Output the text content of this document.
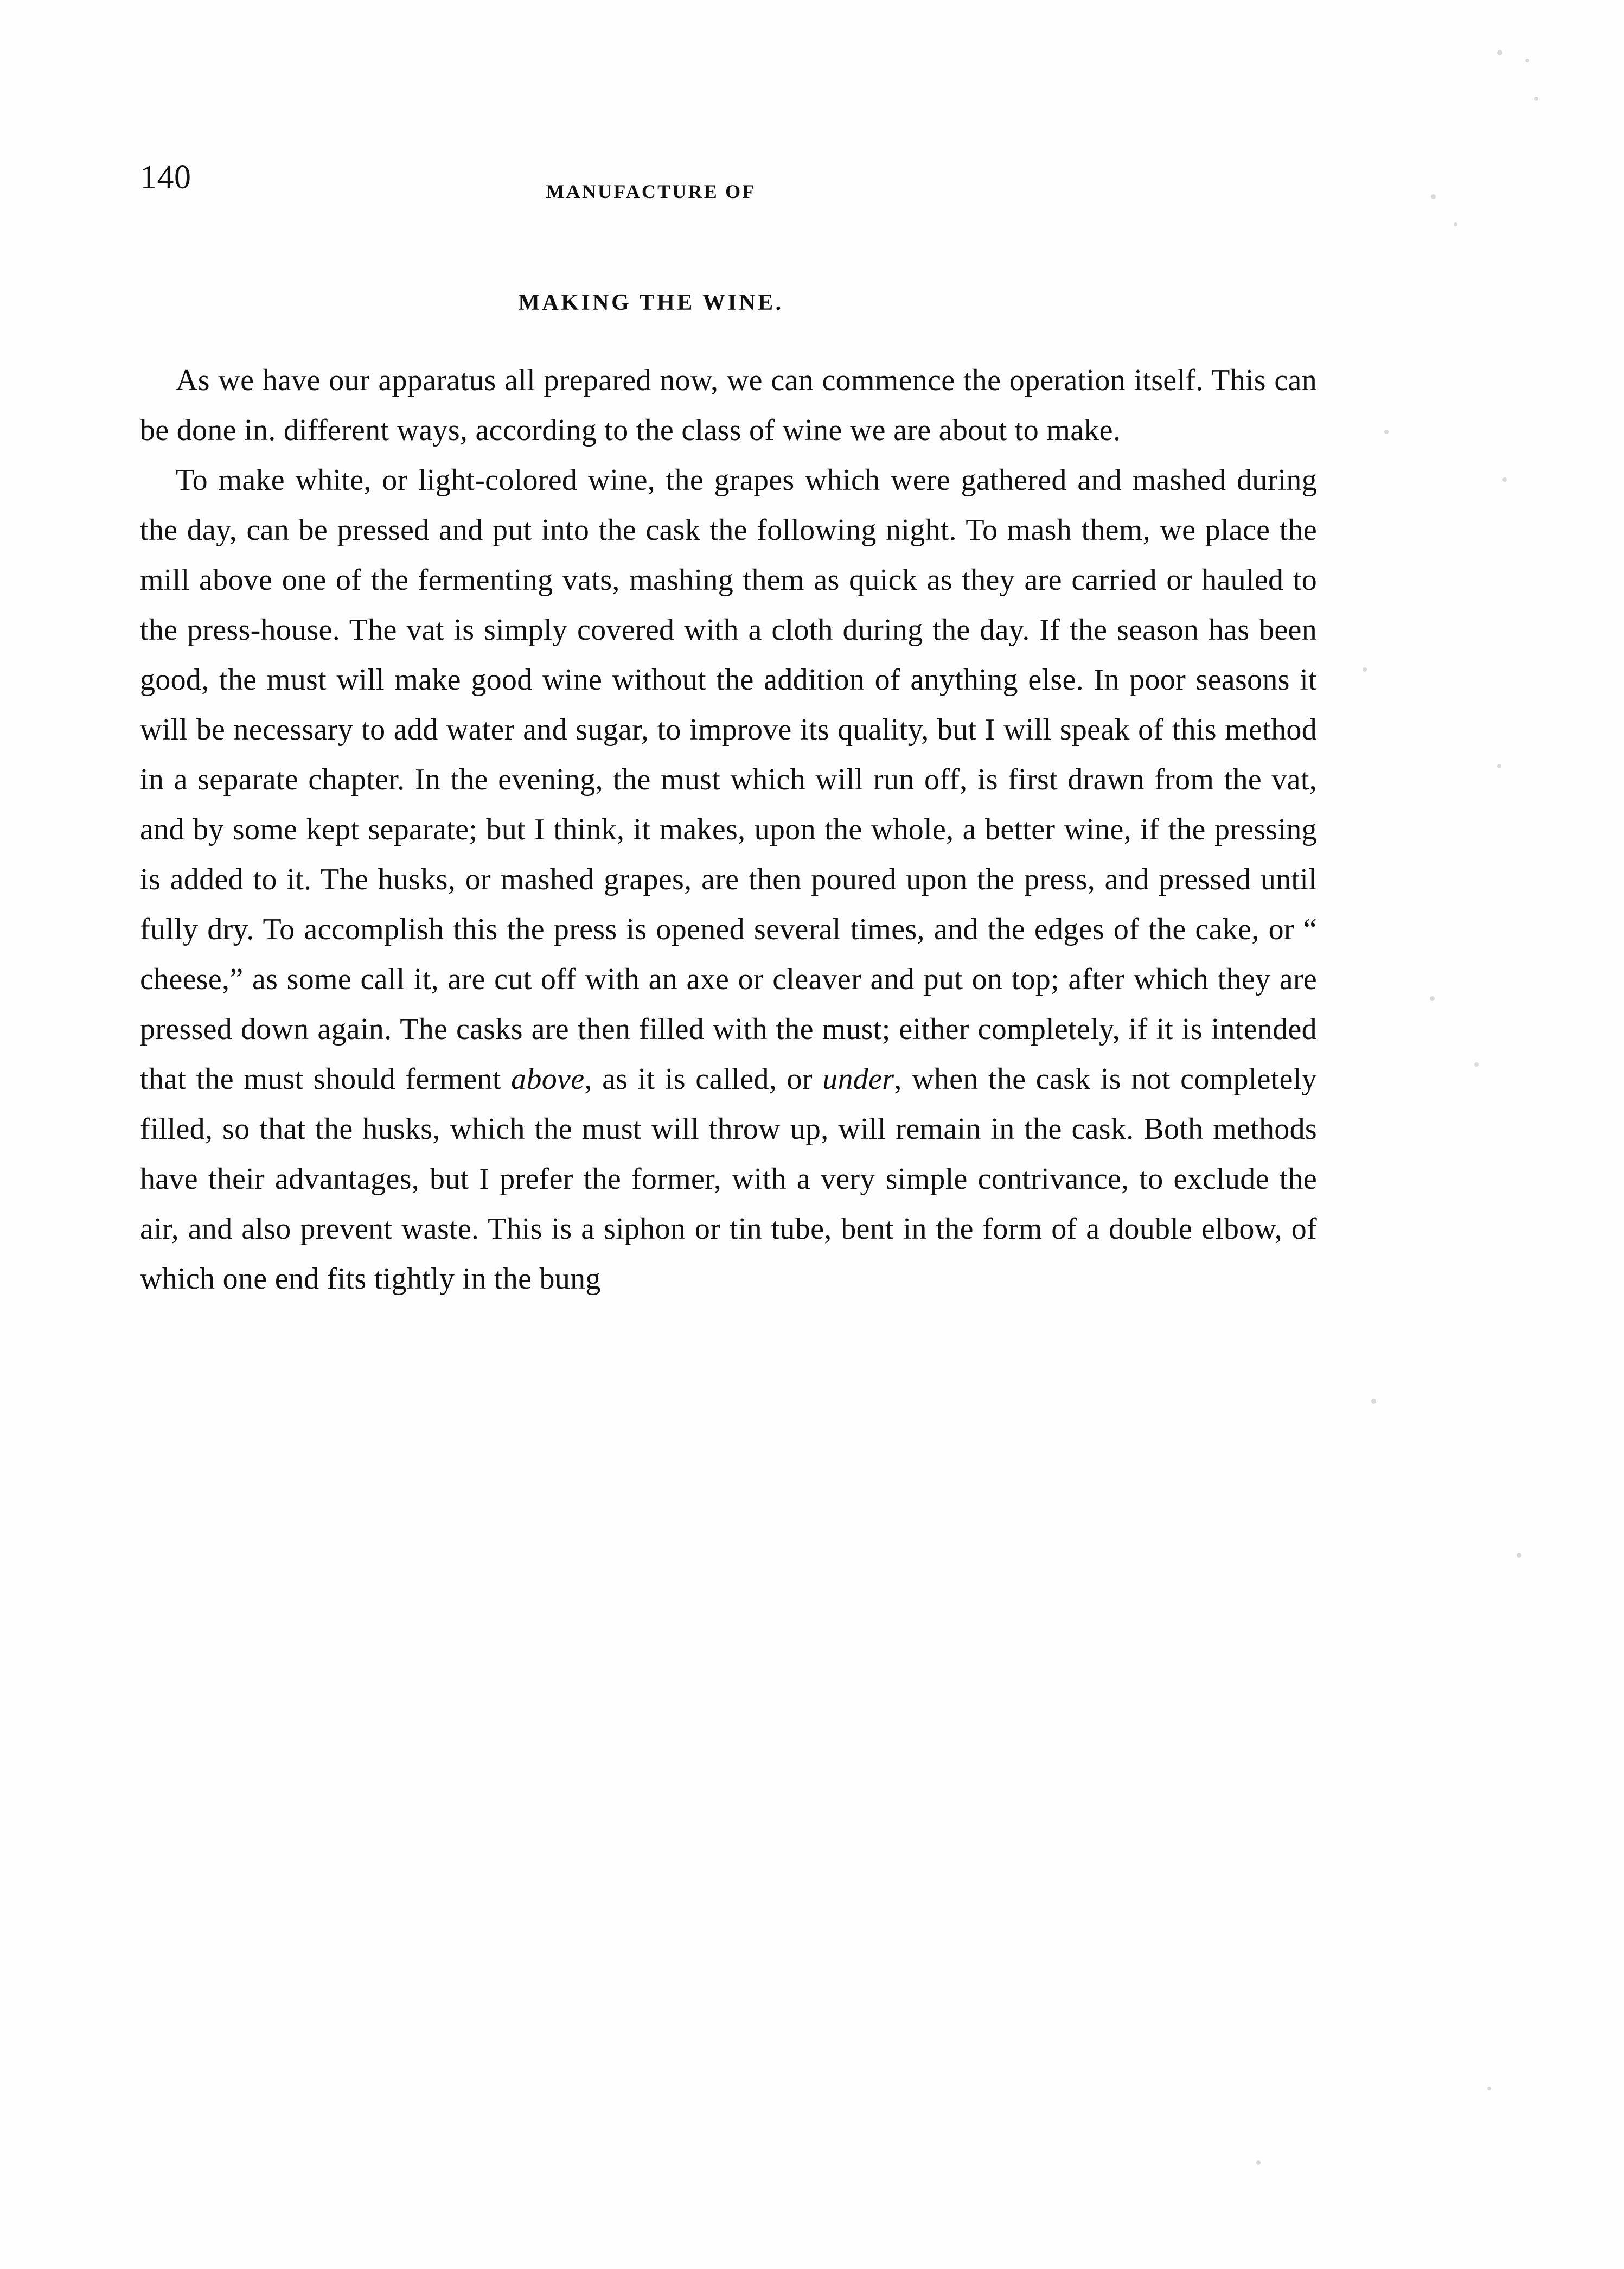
140	MANUFACTURE OF
MAKING THE WINE.

As we have our apparatus all prepared now, we can commence the operation itself. This can be done in. different ways, according to the class of wine we are about to make.

To make white, or light-colored wine, the grapes which were gathered and mashed during the day, can be pressed and put into the cask the following night. To mash them, we place the mill above one of the fermenting vats, mashing them as quick as they are carried or hauled to the press-house. The vat is simply covered with a cloth during the day. If the season has been good, the must will make good wine without the addition of anything else. In poor seasons it will be necessary to add water and sugar, to improve its quality, but I will speak of this method in a separate chapter. In the evening, the must which will run off, is first drawn from the vat, and by some kept separate; but I think, it makes, upon the whole, a better wine, if the pressing is added to it. The husks, or mashed grapes, are then poured upon the press, and pressed until fully dry. To accomplish this the press is opened several times, and the edges of the cake, or “ cheese,” as some call it, are cut off with an axe or cleaver and put on top; after which they are pressed down again. The casks are then filled with the must; either completely, if it is intended that the must should ferment above, as it is called, or under, when the cask is not completely filled, so that the husks, which the must will throw up, will remain in the cask. Both methods have their advantages, but I prefer the former, with a very simple contrivance, to exclude the air, and also prevent waste. This is a siphon or tin tube, bent in the form of a double elbow, of which one end fits tightly in the bung
